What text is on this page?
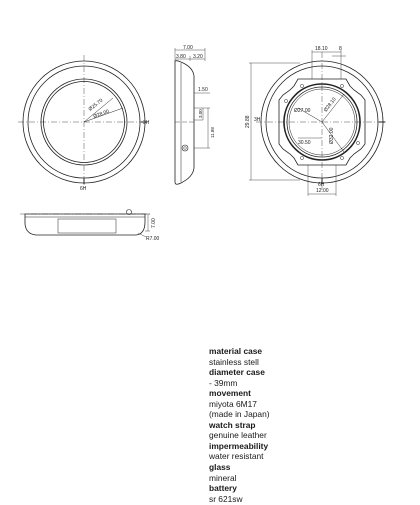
Ø25.70
Ø28.00
3H
6H
7.00
3.80 3.20
1.50
3.00
11.88
18.10 8
Ø28.10
Ø27.00
29.88 3H
30.50	Ø32.00
6H
12.00
7.00
R7.00
material case
stainless stell
diameter case
- 39mm
movement
miyota 6M17
(made in Japan)
watch strap
genuine leather
impermeability
water resistant
glass
mineral
battery
sr 621sw
